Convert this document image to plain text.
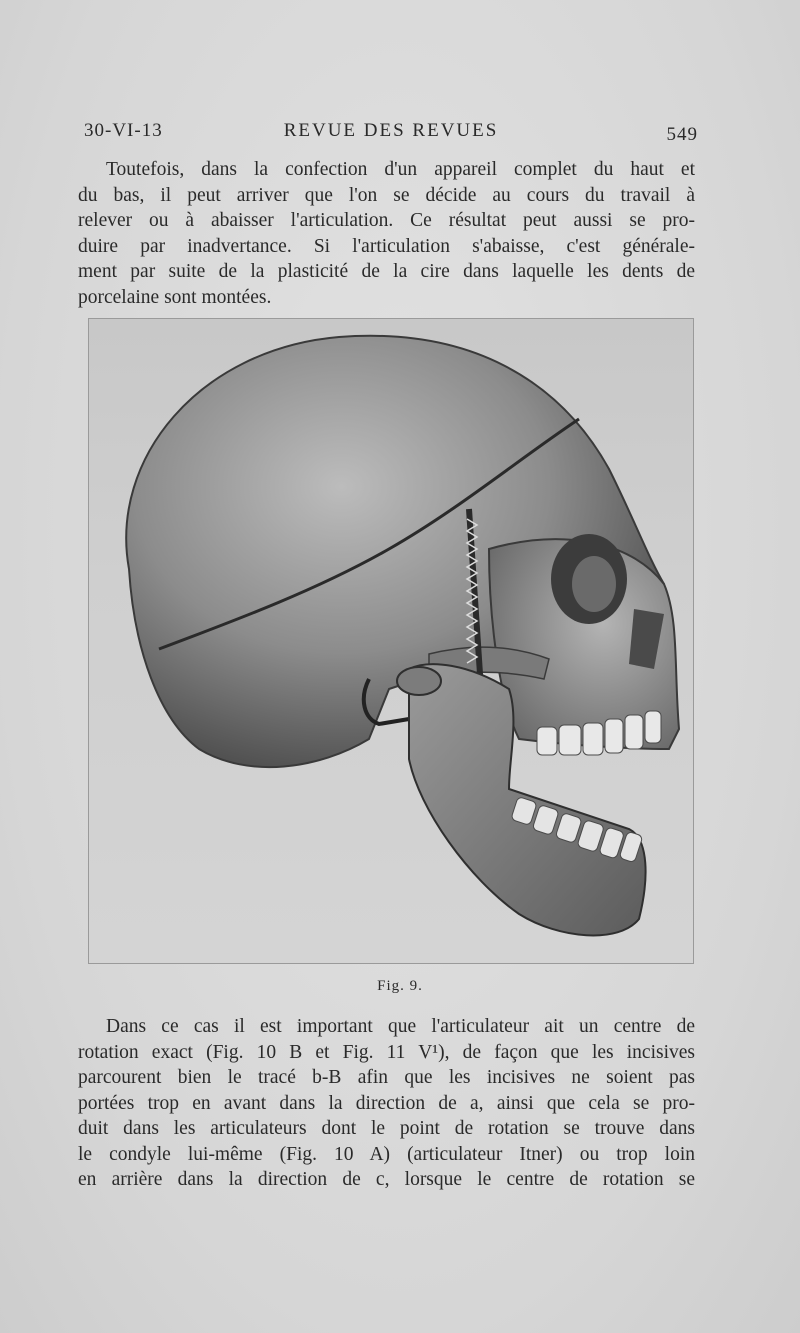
30-VI-13	REVUE DES REVUES	549
Toutefois, dans la confection d'un appareil complet du haut et
du bas, il peut arriver que l'on se décide au cours du travail à
relever ou à abaisser l'articulation. Ce résultat peut aussi se pro-
duire par inadvertance. Si l'articulation s'abaisse, c'est générale-
ment par suite de la plasticité de la cire dans laquelle les dents de
porcelaine sont montées.
Fig. 9.
Dans ce cas il est important que l'articulateur ait un centre de
rotation exact (Fig. 10 B et Fig. 11 V¹), de façon que les incisives
parcourent bien le tracé b-B afin que les incisives ne soient pas
portées trop en avant dans la direction de a, ainsi que cela se pro-
duit dans les articulateurs dont le point de rotation se trouve dans
le condyle lui-même (Fig. 10 A) (articulateur Itner) ou trop loin
en arrière dans la direction de c, lorsque le centre de rotation se
